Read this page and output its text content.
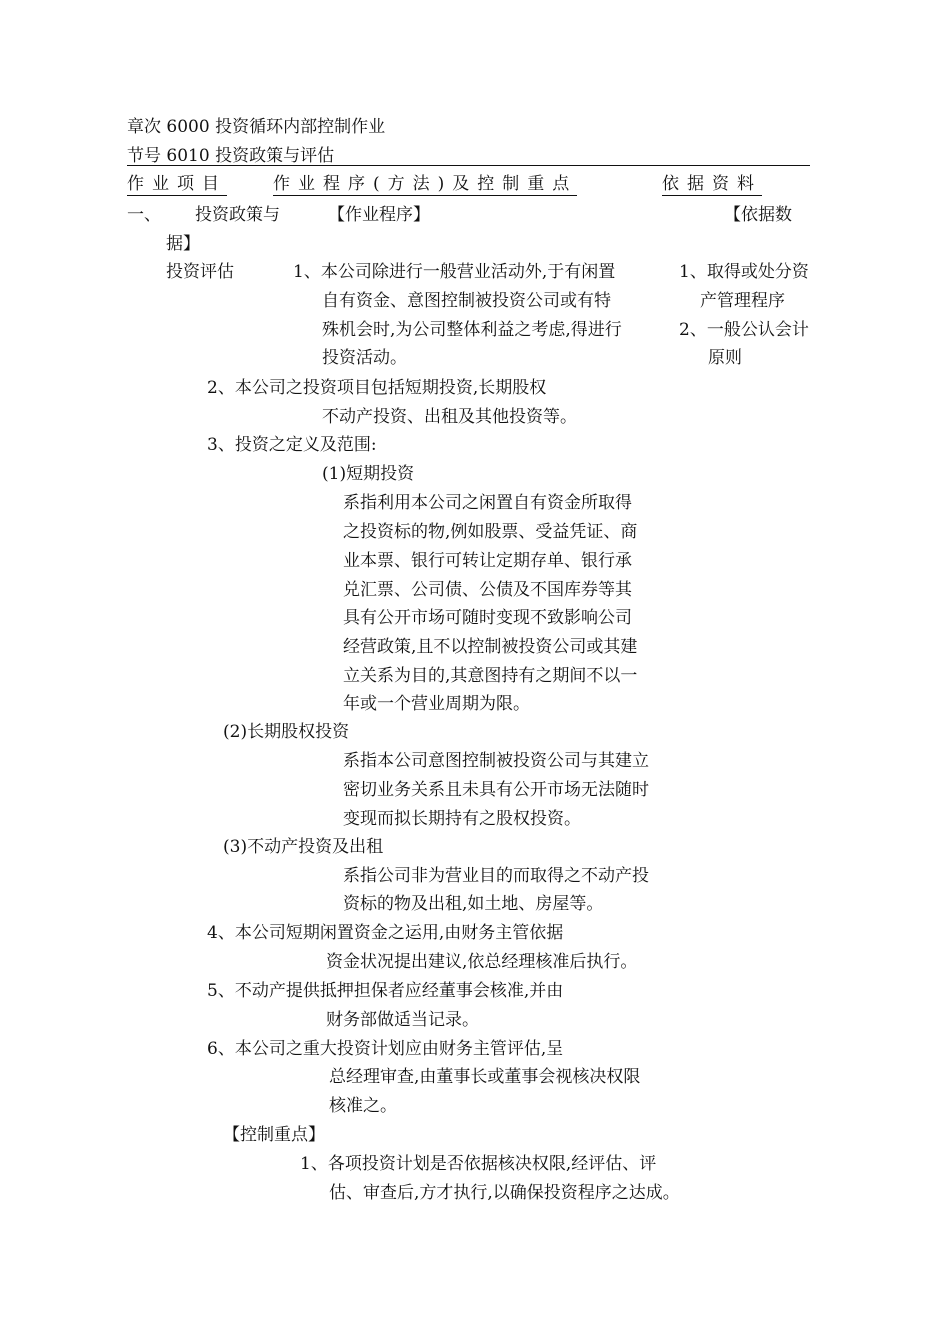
章次 6000 投资循环内部控制作业
节号 6010 投资政策与评估
作业项目	作业程序(方法)及控制重点	依据资料
一、 投资政策与
投资评估
【依据数
据】
1、取得或处分资
产管理程序
2、一般公认会计
原则
【作业程序】
1、本公司除进行一般营业活动外,于有闲置
自有资金、意图控制被投资公司或有特
殊机会时,为公司整体利益之考虑,得进行
投资活动。
2、本公司之投资项目包括短期投资,长期股权
不动产投资、出租及其他投资等。
3、投资之定义及范围:
(1)短期投资
系指利用本公司之闲置自有资金所取得
之投资标的物,例如股票、受益凭证、商
业本票、银行可转让定期存单、银行承
兑汇票、公司债、公债及不国库券等其
具有公开市场可随时变现不致影响公司
经营政策,且不以控制被投资公司或其建
立关系为目的,其意图持有之期间不以一
年或一个营业周期为限。
(2)长期股权投资
系指本公司意图控制被投资公司与其建立
密切业务关系且未具有公开市场无法随时
变现而拟长期持有之股权投资。
(3)不动产投资及出租
系指公司非为营业目的而取得之不动产投
资标的物及出租,如土地、房屋等。
4、本公司短期闲置资金之运用,由财务主管依据
资金状况提出建议,依总经理核准后执行。
5、不动产提供抵押担保者应经董事会核准,并由
财务部做适当记录。
6、本公司之重大投资计划应由财务主管评估,呈
总经理审查,由董事长或董事会视核决权限
核准之。
【控制重点】
1、各项投资计划是否依据核决权限,经评估、评
估、审查后,方才执行,以确保投资程序之达成。
